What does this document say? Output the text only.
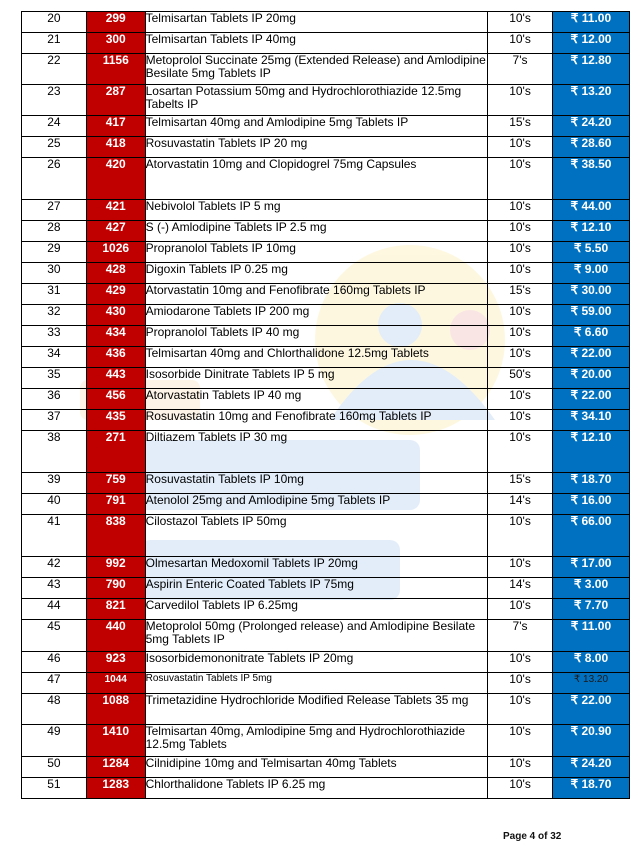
20	299	Telmisartan Tablets IP 20mg	10's	₹ 11.00
21	300	Telmisartan Tablets IP 40mg	10's	₹ 12.00
22	1156	Metoprolol Succinate 25mg (Extended Release) and Amlodipine Besilate 5mg Tablets IP	7's	₹ 12.80
23	287	Losartan Potassium 50mg and Hydrochlorothiazide 12.5mg Tabelts IP	10's	₹ 13.20
24	417	Telmisartan 40mg and Amlodipine 5mg Tablets IP	15's	₹ 24.20
25	418	Rosuvastatin Tablets IP 20 mg	10's	₹ 28.60
26	420	Atorvastatin 10mg and Clopidogrel 75mg Capsules	10's	₹ 38.50
27	421	Nebivolol Tablets IP 5 mg	10's	₹ 44.00
28	427	S (-) Amlodipine Tablets IP 2.5 mg	10's	₹ 12.10
29	1026	Propranolol Tablets IP 10mg	10's	₹ 5.50
30	428	Digoxin Tablets IP 0.25 mg	10's	₹ 9.00
31	429	Atorvastatin 10mg and Fenofibrate 160mg Tablets IP	15's	₹ 30.00
32	430	Amiodarone Tablets IP 200 mg	10's	₹ 59.00
33	434	Propranolol Tablets IP 40 mg	10's	₹ 6.60
34	436	Telmisartan 40mg and Chlorthalidone 12.5mg Tablets	10's	₹ 22.00
35	443	Isosorbide Dinitrate Tablets IP 5 mg	50's	₹ 20.00
36	456	Atorvastatin Tablets IP 40 mg	10's	₹ 22.00
37	435	Rosuvastatin 10mg and Fenofibrate 160mg Tablets IP	10's	₹ 34.10
38	271	Diltiazem Tablets IP 30 mg	10's	₹ 12.10
39	759	Rosuvastatin Tablets IP 10mg	15's	₹ 18.70
40	791	Atenolol 25mg and Amlodipine 5mg Tablets IP	14's	₹ 16.00
41	838	Cilostazol Tablets IP 50mg	10's	₹ 66.00
42	992	Olmesartan Medoxomil Tablets IP 20mg	10's	₹ 17.00
43	790	Aspirin Enteric Coated Tablets IP 75mg	14's	₹ 3.00
44	821	Carvedilol Tablets IP 6.25mg	10's	₹ 7.70
45	440	Metoprolol 50mg (Prolonged release) and Amlodipine Besilate 5mg Tablets IP	7's	₹ 11.00
46	923	Isosorbidemononitrate Tablets IP 20mg	10's	₹ 8.00
47	1044	Rosuvastatin Tablets IP 5mg	10's	₹ 13.20
48	1088	Trimetazidine Hydrochloride Modified Release Tablets 35 mg	10's	₹ 22.00
49	1410	Telmisartan 40mg, Amlodipine 5mg and Hydrochlorothiazide 12.5mg Tablets	10's	₹ 20.90
50	1284	Cilnidipine 10mg and Telmisartan 40mg Tablets	10's	₹ 24.20
51	1283	Chlorthalidone Tablets IP 6.25 mg	10's	₹ 18.70
Page 4 of 32
